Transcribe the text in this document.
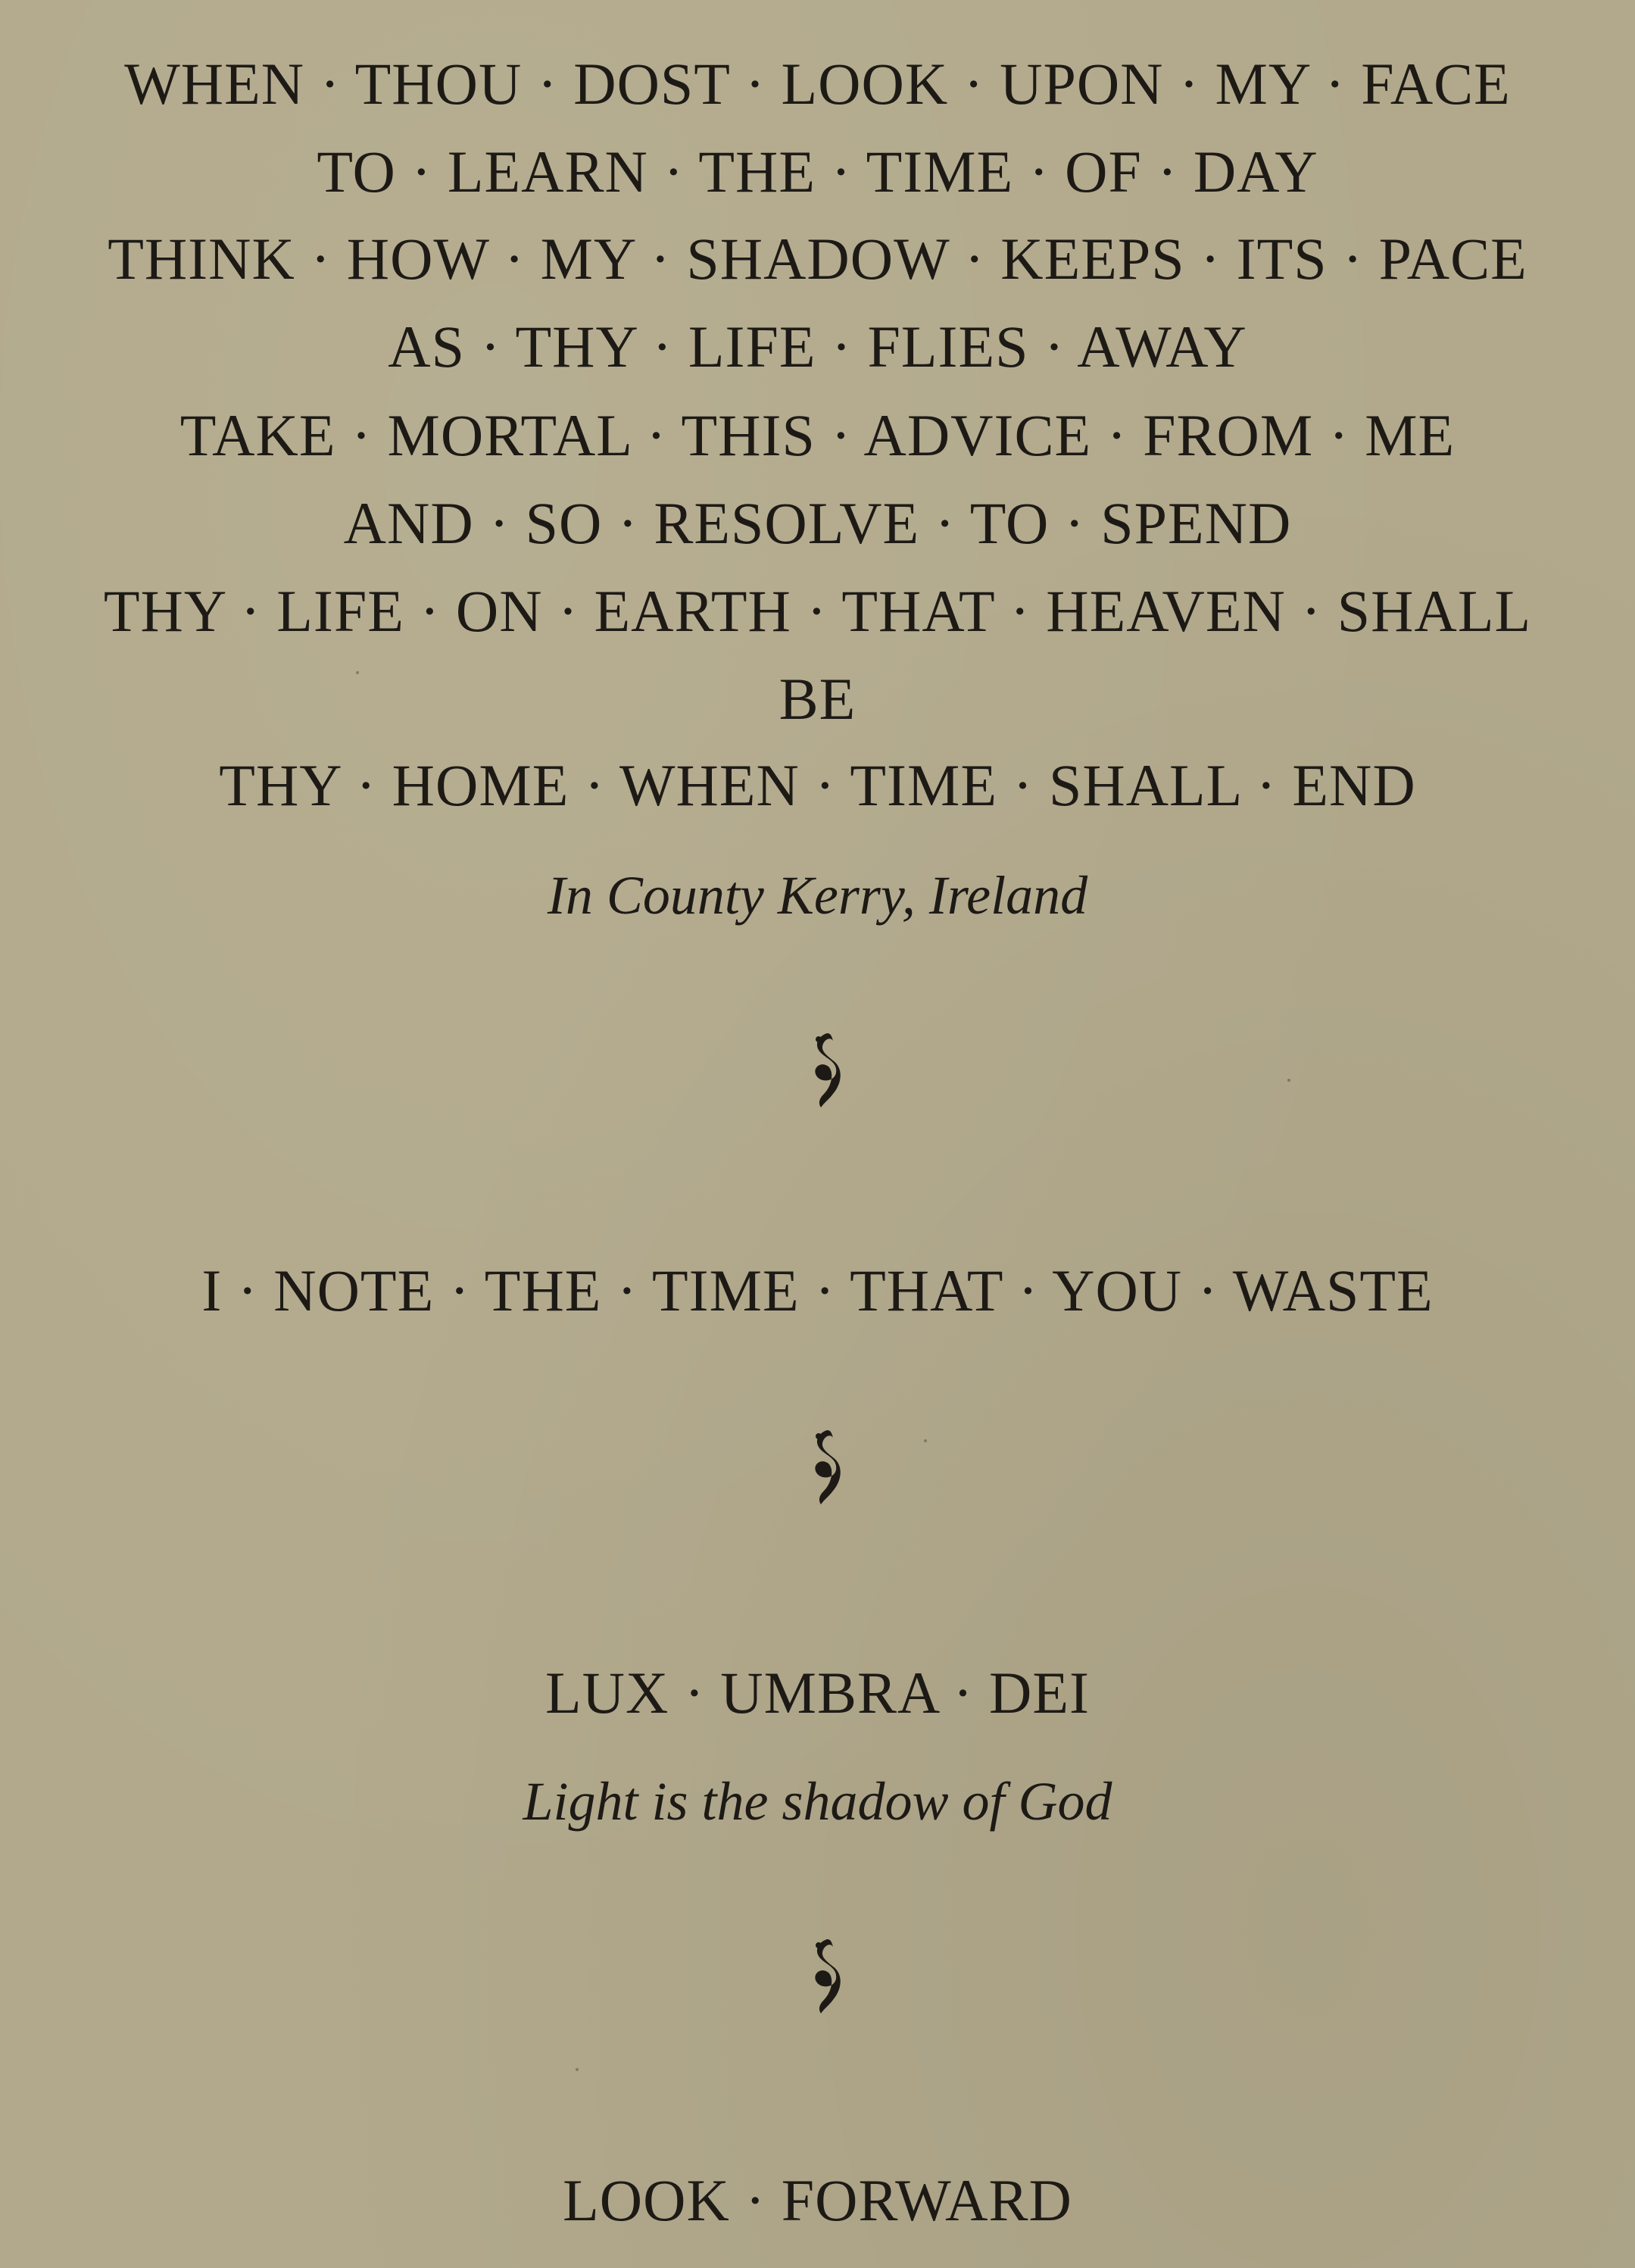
WHEN · THOU · DOST · LOOK · UPON · MY · FACE
TO · LEARN · THE · TIME · OF · DAY
THINK · HOW · MY · SHADOW · KEEPS · ITS · PACE
AS · THY · LIFE · FLIES · AWAY
TAKE · MORTAL · THIS · ADVICE · FROM · ME
AND · SO · RESOLVE · TO · SPEND
THY · LIFE · ON · EARTH · THAT · HEAVEN · SHALL
BE
THY · HOME · WHEN · TIME · SHALL · END
In County Kerry, Ireland
I · NOTE · THE · TIME · THAT · YOU · WASTE
LUX · UMBRA · DEI
Light is the shadow of God
LOOK · FORWARD
